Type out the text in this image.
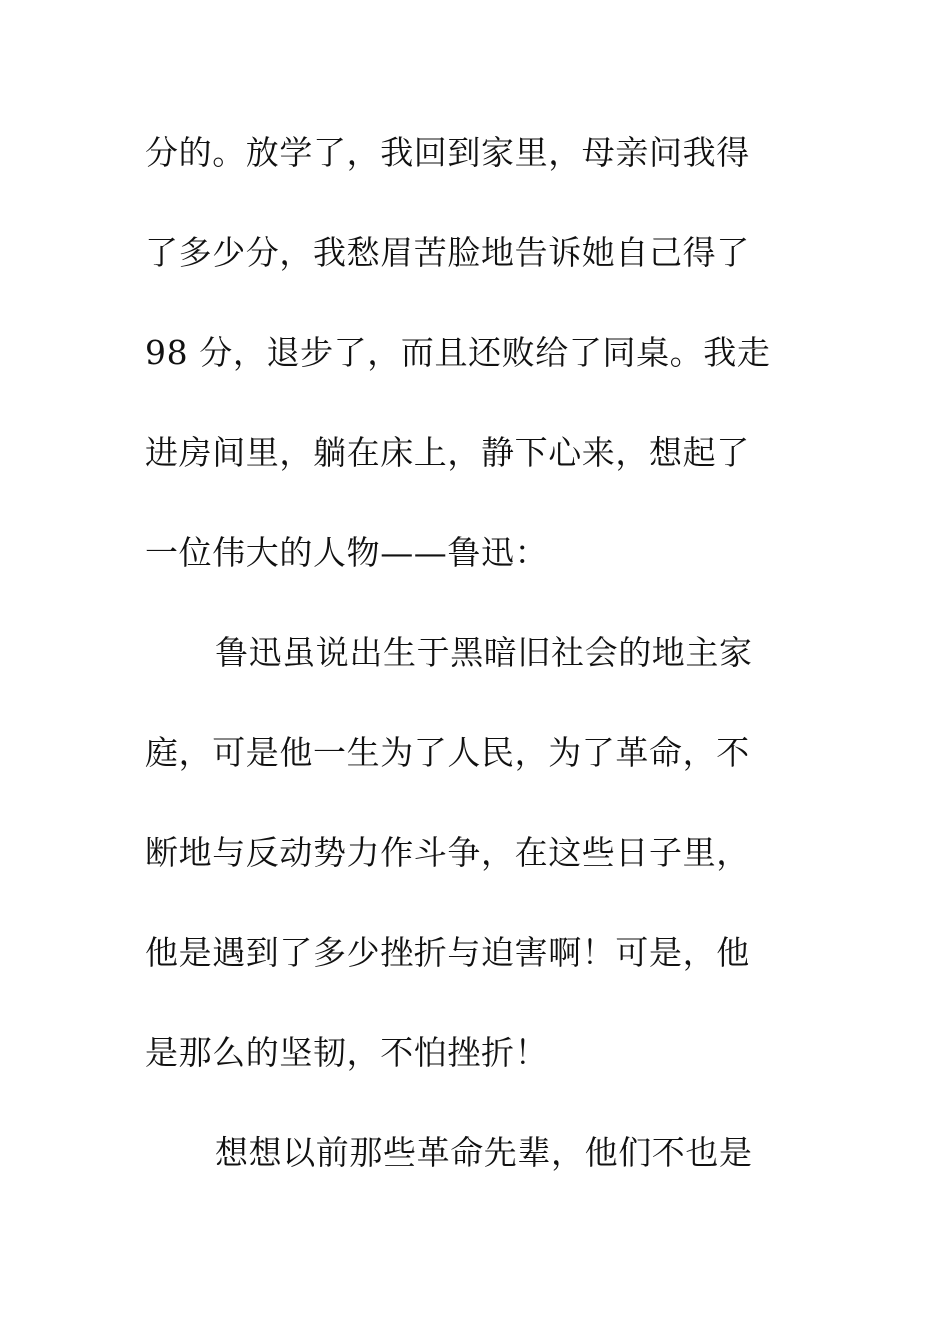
分的。放学了，我回到家里，母亲问我得
了多少分，我愁眉苦脸地告诉她自己得了
98 分，退步了，而且还败给了同桌。我走
进房间里，躺在床上，静下心来，想起了
一位伟大的人物——鲁迅：
鲁迅虽说出生于黑暗旧社会的地主家
庭，可是他一生为了人民，为了革命，不
断地与反动势力作斗争，在这些日子里，
他是遇到了多少挫折与迫害啊！可是，他
是那么的坚韧，不怕挫折！
想想以前那些革命先辈，他们不也是
